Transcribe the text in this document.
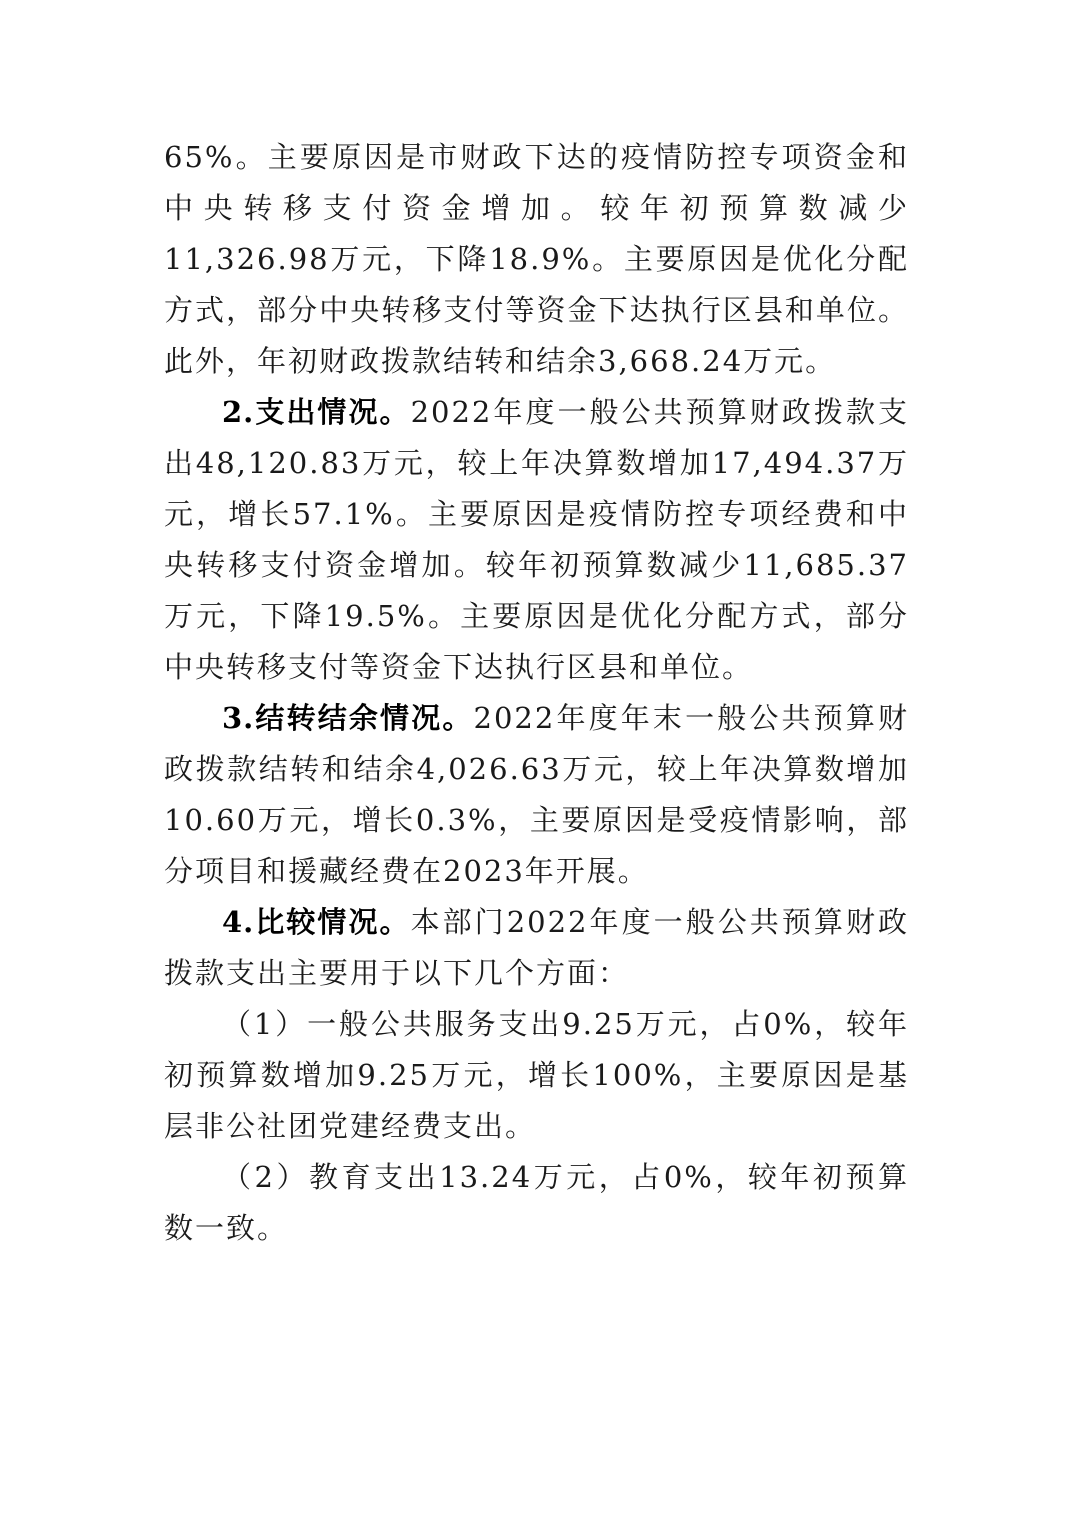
65%。主要原因是市财政下达的疫情防控专项资金和中央转移支付资金增加。较年初预算数减少11,326.98万元，下降18.9%。主要原因是优化分配方式，部分中央转移支付等资金下达执行区县和单位。此外，年初财政拨款结转和结余3,668.24万元。

2.支出情况。2022年度一般公共预算财政拨款支出48,120.83万元，较上年决算数增加17,494.37万元，增长57.1%。主要原因是疫情防控专项经费和中央转移支付资金增加。较年初预算数减少11,685.37万元，下降19.5%。主要原因是优化分配方式，部分中央转移支付等资金下达执行区县和单位。

3.结转结余情况。2022年度年末一般公共预算财政拨款结转和结余4,026.63万元，较上年决算数增加10.60万元，增长0.3%，主要原因是受疫情影响，部分项目和援藏经费在2023年开展。

4.比较情况。本部门2022年度一般公共预算财政拨款支出主要用于以下几个方面：

（1）一般公共服务支出9.25万元，占0%，较年初预算数增加9.25万元，增长100%，主要原因是基层非公社团党建经费支出。

（2）教育支出13.24万元，占0%，较年初预算数一致。
